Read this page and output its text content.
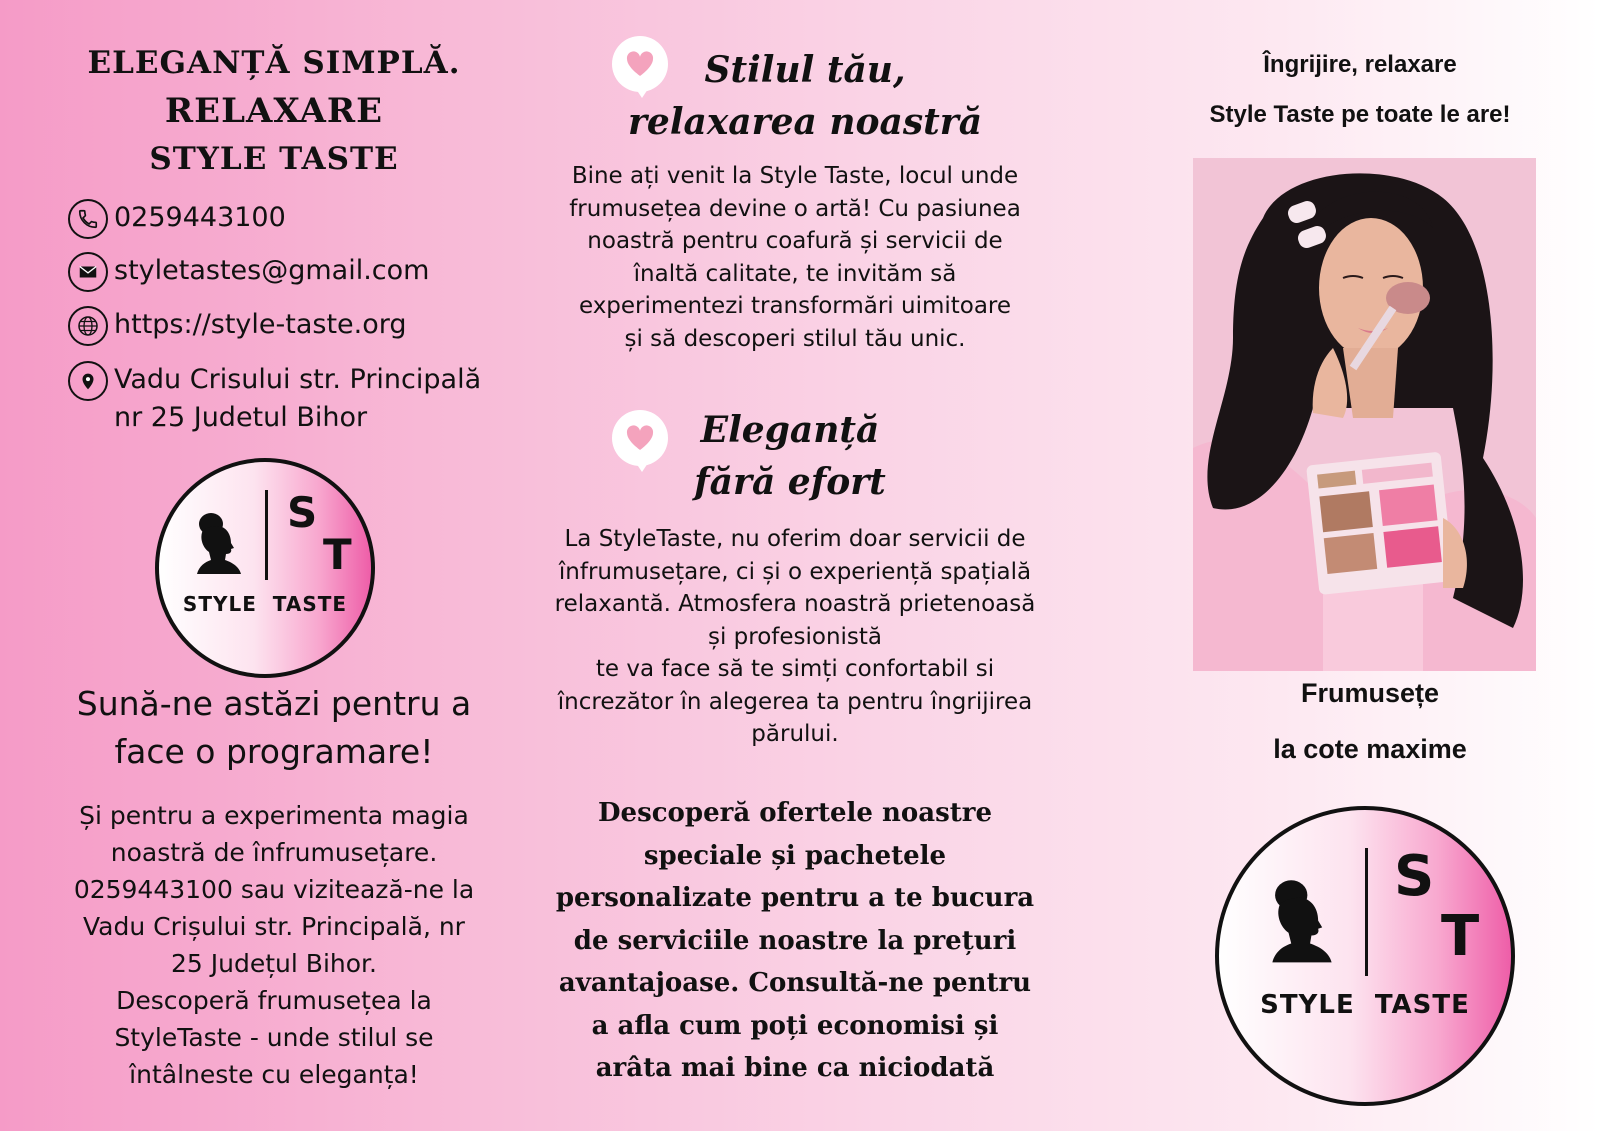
ELEGANȚĂ SIMPLĂ.
RELAXARE
STYLE TASTE
0259443100
styletastes@gmail.com
https://style-taste.org
Vadu Crisului str. Principală
nr 25 Judetul Bihor
S
T
STYLE TASTE
Sună-ne astăzi pentru a
face o programare!
Și pentru a experimenta magia
noastră de înfrumusețare.
0259443100 sau vizitează-ne la
Vadu Crișului str. Principală, nr
25 Județul Bihor.
Descoperă frumusețea la
StyleTaste - unde stilul se
întâlneste cu eleganța!
Stilul tău,
relaxarea noastră
Bine ați venit la Style Taste, locul unde
frumusețea devine o artă! Cu pasiunea
noastră pentru coafură și servicii de
înaltă calitate, te invităm să
experimentezi transformări uimitoare
și să descoperi stilul tău unic.
Eleganță
fără efort
La StyleTaste, nu oferim doar servicii de
înfrumusețare, ci și o experiență spațială
relaxantă. Atmosfera noastră prietenoasă
și profesionistă
te va face să te simți confortabil si
încrezător în alegerea ta pentru îngrijirea
părului.
Descoperă ofertele noastre
speciale și pachetele
personalizate pentru a te bucura
de serviciile noastre la prețuri
avantajoase. Consultă-ne pentru
a afla cum poți economisi și
arâta mai bine ca niciodată
Îngrijire, relaxare
Style Taste pe toate le are!
Frumusețe
la cote maxime
S
T
STYLE TASTE
